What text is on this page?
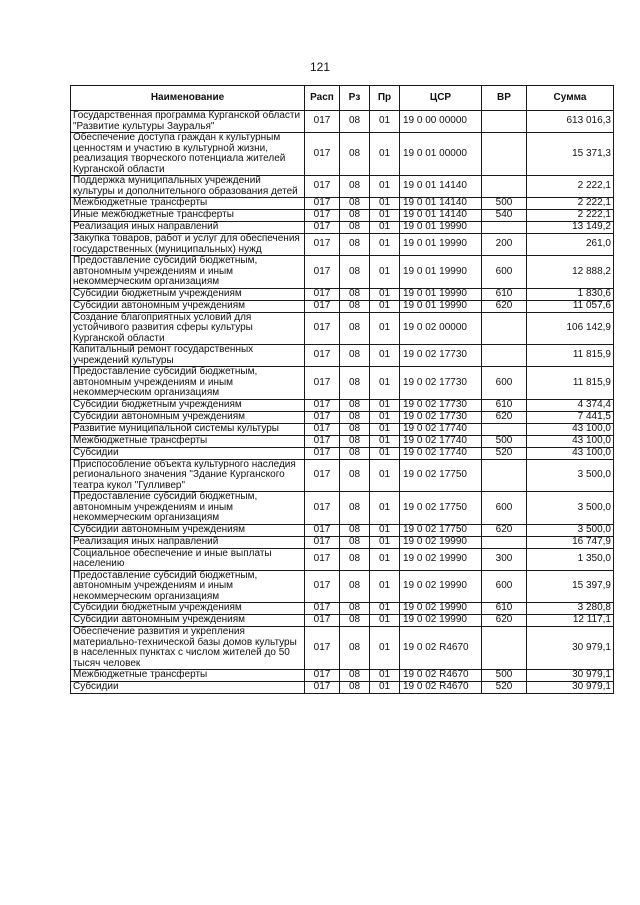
121
Наименование	Расп	Рз	Пр	ЦСР	ВР	Сумма
Государственная программа Курганской области "Развитие культуры Зауралья"	017	08	01	19 0 00 00000		613 016,3
Обеспечение доступа граждан к культурным ценностям и участию в культурной жизни, реализация творческого потенциала жителей Курганской области	017	08	01	19 0 01 00000		15 371,3
Поддержка муниципальных учреждений культуры и дополнительного образования детей	017	08	01	19 0 01 14140		2 222,1
Межбюджетные трансферты	017	08	01	19 0 01 14140	500	2 222,1
Иные межбюджетные трансферты	017	08	01	19 0 01 14140	540	2 222,1
Реализация иных направлений	017	08	01	19 0 01 19990		13 149,2
Закупка товаров, работ и услуг для обеспечения государственных (муниципальных) нужд	017	08	01	19 0 01 19990	200	261,0
Предоставление субсидий бюджетным, автономным учреждениям и иным некоммерческим организациям	017	08	01	19 0 01 19990	600	12 888,2
Субсидии бюджетным учреждениям	017	08	01	19 0 01 19990	610	1 830,6
Субсидии автономным учреждениям	017	08	01	19 0 01 19990	620	11 057,6
Создание благоприятных условий для устойчивого развития сферы культуры Курганской области	017	08	01	19 0 02 00000		106 142,9
Капитальный ремонт государственных учреждений культуры	017	08	01	19 0 02 17730		11 815,9
Предоставление субсидий бюджетным, автономным учреждениям и иным некоммерческим организациям	017	08	01	19 0 02 17730	600	11 815,9
Субсидии бюджетным учреждениям	017	08	01	19 0 02 17730	610	4 374,4
Субсидии автономным учреждениям	017	08	01	19 0 02 17730	620	7 441,5
Развитие муниципальной системы культуры	017	08	01	19 0 02 17740		43 100,0
Межбюджетные трансферты	017	08	01	19 0 02 17740	500	43 100,0
Субсидии	017	08	01	19 0 02 17740	520	43 100,0
Приспособление объекта культурного наследия регионального значения "Здание Курганского театра кукол "Гулливер"	017	08	01	19 0 02 17750		3 500,0
Предоставление субсидий бюджетным, автономным учреждениям и иным некоммерческим организациям	017	08	01	19 0 02 17750	600	3 500,0
Субсидии автономным учреждениям	017	08	01	19 0 02 17750	620	3 500,0
Реализация иных направлений	017	08	01	19 0 02 19990		16 747,9
Социальное обеспечение и иные выплаты населению	017	08	01	19 0 02 19990	300	1 350,0
Предоставление субсидий бюджетным, автономным учреждениям и иным некоммерческим организациям	017	08	01	19 0 02 19990	600	15 397,9
Субсидии бюджетным учреждениям	017	08	01	19 0 02 19990	610	3 280,8
Субсидии автономным учреждениям	017	08	01	19 0 02 19990	620	12 117,1
Обеспечение развития и укрепления материально-технической базы домов культуры в населенных пунктах с числом жителей до 50 тысяч человек	017	08	01	19 0 02 R4670		30 979,1
Межбюджетные трансферты	017	08	01	19 0 02 R4670	500	30 979,1
Субсидии	017	08	01	19 0 02 R4670	520	30 979,1
